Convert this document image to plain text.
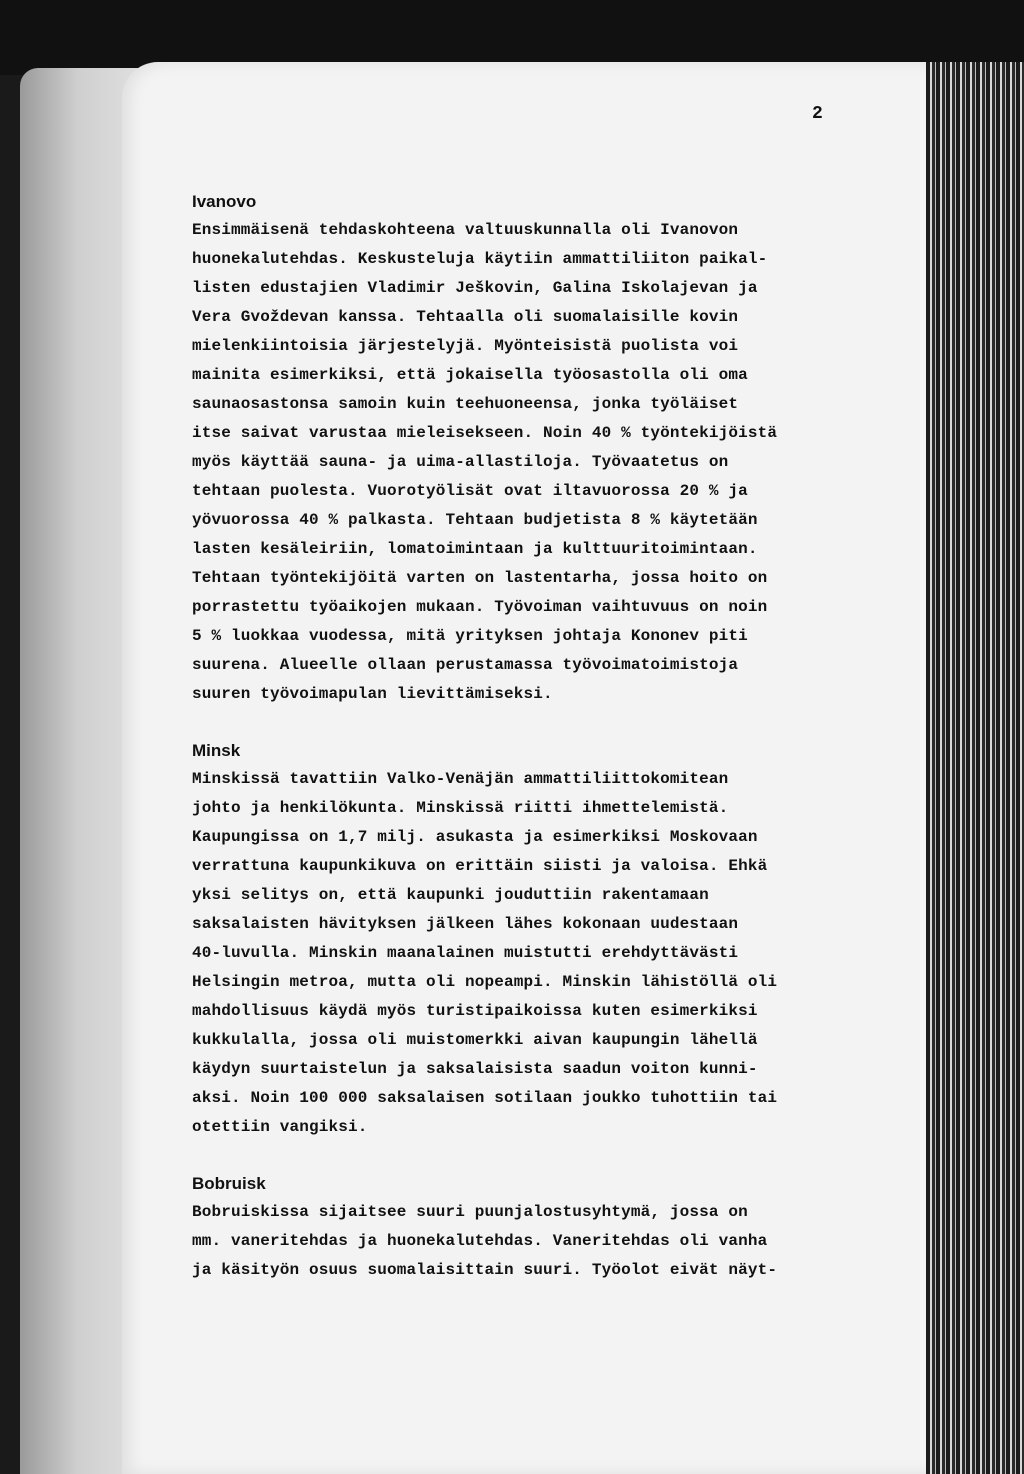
2
Ivanovo
Ensimmäisenä tehdaskohteena valtuuskunnalla oli Ivanovon
huonekalutehdas. Keskusteluja käytiin ammattiliiton paikal-
listen edustajien Vladimir Ješkovin, Galina Iskolajevan ja
Vera Gvoždevan kanssa. Tehtaalla oli suomalaisille kovin
mielenkiintoisia järjestelyjä. Myönteisistä puolista voi
mainita esimerkiksi, että jokaisella työosastolla oli oma
saunaosastonsa samoin kuin teehuoneensa, jonka työläiset
itse saivat varustaa mieleisekseen. Noin 40 % työntekijöistä
myös käyttää sauna- ja uima-allastiloja. Työvaatetus on
tehtaan puolesta. Vuorotyölisät ovat iltavuorossa 20 % ja
yövuorossa 40 % palkasta. Tehtaan budjetista 8 % käytetään
lasten kesäleiriin, lomatoimintaan ja kulttuuritoimintaan.
Tehtaan työntekijöitä varten on lastentarha, jossa hoito on
porrastettu työaikojen mukaan. Työvoiman vaihtuvuus on noin
5 % luokkaa vuodessa, mitä yrityksen johtaja Kononev piti
suurena. Alueelle ollaan perustamassa työvoimatoimistoja
suuren työvoimapulan lievittämiseksi.
Minsk
Minskissä tavattiin Valko-Venäjän ammattiliittokomitean
johto ja henkilökunta. Minskissä riitti ihmettelemistä.
Kaupungissa on 1,7 milj. asukasta ja esimerkiksi Moskovaan
verrattuna kaupunkikuva on erittäin siisti ja valoisa. Ehkä
yksi selitys on, että kaupunki jouduttiin rakentamaan
saksalaisten hävityksen jälkeen lähes kokonaan uudestaan
40-luvulla. Minskin maanalainen muistutti erehdyttävästi
Helsingin metroa, mutta oli nopeampi. Minskin lähistöllä oli
mahdollisuus käydä myös turistipaikoissa kuten esimerkiksi
kukkulalla, jossa oli muistomerkki aivan kaupungin lähellä
käydyn suurtaistelun ja saksalaisista saadun voiton kunni-
aksi. Noin 100 000 saksalaisen sotilaan joukko tuhottiin tai
otettiin vangiksi.
Bobruisk
Bobruiskissa sijaitsee suuri puunjalostusyhtymä, jossa on
mm. vaneritehdas ja huonekalutehdas. Vaneritehdas oli vanha
ja käsityön osuus suomalaisittain suuri. Työolot eivät näyt-
